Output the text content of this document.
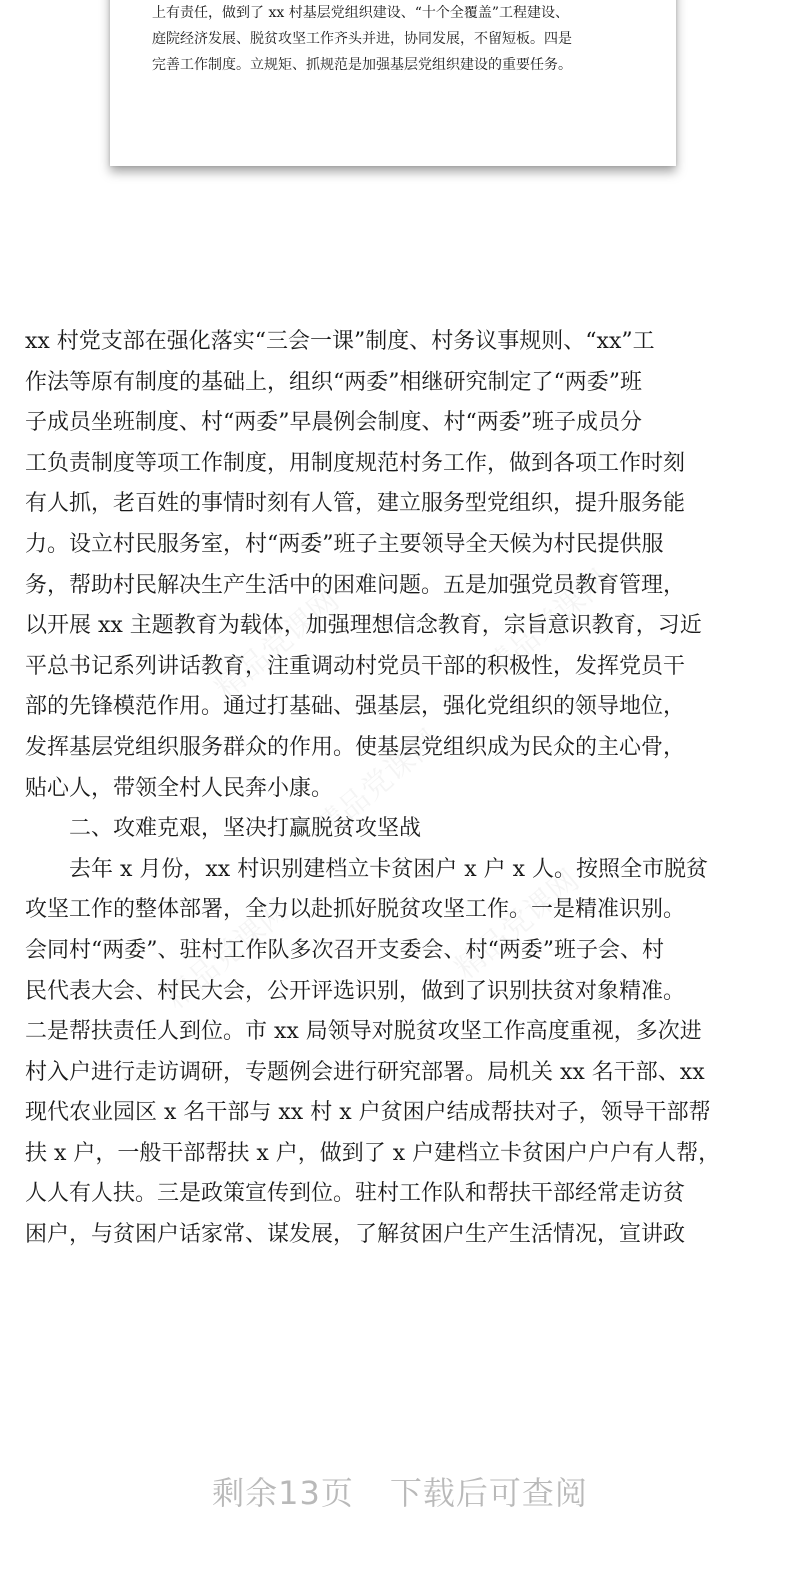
上有责任，做到了 xx 村基层党组织建设、“十个全覆盖”工程建设、
庭院经济发展、脱贫攻坚工作齐头并进，协同发展，不留短板。四是
完善工作制度。立规矩、抓规范是加强基层党组织建设的重要任务。

xx 村党支部在强化落实“三会一课”制度、村务议事规则、“xx”工
作法等原有制度的基础上，组织“两委”相继研究制定了“两委”班
子成员坐班制度、村“两委”早晨例会制度、村“两委”班子成员分
工负责制度等项工作制度，用制度规范村务工作，做到各项工作时刻
有人抓，老百姓的事情时刻有人管，建立服务型党组织，提升服务能
力。设立村民服务室，村“两委”班子主要领导全天候为村民提供服
务，帮助村民解决生产生活中的困难问题。五是加强党员教育管理，
以开展 xx 主题教育为载体，加强理想信念教育，宗旨意识教育，习近
平总书记系列讲话教育，注重调动村党员干部的积极性，发挥党员干
部的先锋模范作用。通过打基础、强基层，强化党组织的领导地位，
发挥基层党组织服务群众的作用。使基层党组织成为民众的主心骨，
贴心人，带领全村人民奔小康。
　　二、攻难克艰，坚决打赢脱贫攻坚战
　　去年 x 月份，xx 村识别建档立卡贫困户 x 户 x 人。按照全市脱贫
攻坚工作的整体部署，全力以赴抓好脱贫攻坚工作。一是精准识别。
会同村“两委”、驻村工作队多次召开支委会、村“两委”班子会、村
民代表大会、村民大会，公开评选识别，做到了识别扶贫对象精准。
二是帮扶责任人到位。市 xx 局领导对脱贫攻坚工作高度重视，多次进
村入户进行走访调研，专题例会进行研究部署。局机关 xx 名干部、xx
现代农业园区 x 名干部与 xx 村 x 户贫困户结成帮扶对子，领导干部帮
扶 x 户，一般干部帮扶 x 户，做到了 x 户建档立卡贫困户户户有人帮，
人人有人扶。三是政策宣传到位。驻村工作队和帮扶干部经常走访贫
困户，与贫困户话家常、谋发展，了解贫困户生产生活情况，宣讲政
剩余13页 下载后可查阅
